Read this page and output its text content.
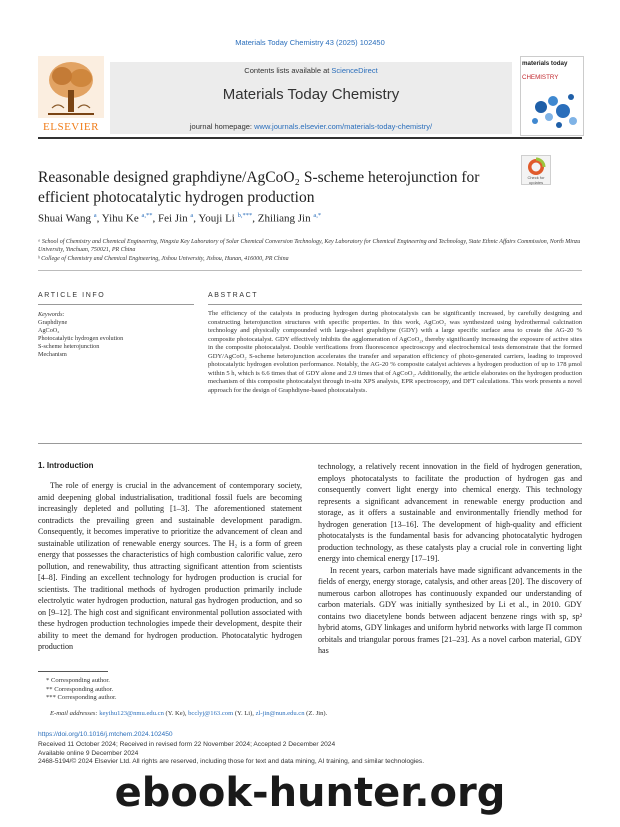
Materials Today Chemistry 43 (2025) 102450
Contents lists available at ScienceDirect
Materials Today Chemistry
journal homepage: www.journals.elsevier.com/materials-today-chemistry/
ELSEVIER
materials today
CHEMISTRY
Check for updates
Reasonable designed graphdiyne/AgCoO₂ S-scheme heterojunction for efficient photocatalytic hydrogen production
Shuai Wang $^a$, Yihu Ke $^{a,**}$, Fei Jin $^a$, Youji Li $^{b,***}$, Zhiliang Jin $^{a,*}$
ᵃ School of Chemistry and Chemical Engineering, Ningxia Key Laboratory of Solar Chemical Conversion Technology, Key Laboratory for Chemical Engineering and Technology, State Ethnic Affairs Commission, North Minzu University, Yinchuan, 750021, PR China
ᵇ College of Chemistry and Chemical Engineering, Jishou University, Jishou, Hunan, 416000, PR China
ARTICLE INFO	ABSTRACT
Keywords:
Graphdiyne
AgCoO₂
Photocatalytic hydrogen evolution
S-scheme heterojunction
Mechanism
The efficiency of the catalysts in producing hydrogen during photocatalysis can be significantly increased, by carefully designing and constructing heterojunction structures with specific properties. In this work, AgCoO₂ was synthesized using hydrothermal calcination technology and physically compounded with large-sheet graphdiyne (GDY) with a large specific surface area to create the AG-20 % composite photocatalyst. GDY effectively inhibits the agglomeration of AgCoO₂, thereby significantly increasing the exposure of active sites in the composite photocatalyst. Double verifications from fluorescence spectroscopy and electrochemical tests demonstrate that the formed GDY/AgCoO₂ S-scheme heterojunction accelerates the transfer and separation efficiency of photo-generated carriers, leading to improved photocatalytic hydrogen evolution performance. Notably, the AG-20 % composite catalyst achieves a hydrogen production of up to 178 μmol within 5 h, which is 6.6 times that of GDY alone and 2.9 times that of AgCoO₂. Additionally, the article elaborates on the hydrogen production mechanism of this composite photocatalyst through in-situ XPS analysis, EPR spectroscopy, and DFT calculations. This work presents a novel approach for the design of Graphdiyne-based photocatalysts.
1. Introduction

The role of energy is crucial in the advancement of contemporary society, amid deepening global industrialisation, traditional fossil fuels are becoming increasingly depleted and polluting [1–3]. The aforementioned statement contradicts the prevailing green and sustainable development paradigm. Consequently, it becomes imperative to prioritize the advancement of clean and sustainable utilization of renewable energy sources. The H₂ is a form of green energy that possesses the characteristics of high combustion calorific value, zero pollution, and renewability, thus attracting significant attention from scientists [4–8]. Finding an excellent technology for hydrogen production is crucial for scientists. The traditional methods of hydrogen production primarily include electrolytic water hydrogen production, natural gas hydrogen production, and so on [9–12]. The high cost and significant environmental pollution associated with these hydrogen production technologies impede their development, despite their ability to meet the demand for hydrogen production. Photocatalytic hydrogen production

technology, a relatively recent innovation in the field of hydrogen generation, employs photocatalysts to facilitate the production of hydrogen gas and consequently convert light energy into chemical energy. This technology represents a significant advancement in renewable energy production and storage, as it offers a sustainable and environmentally friendly method for hydrogen generation [13–16]. The development of high-quality and efficient photocatalysts is the fundamental basis for advancing photocatalytic hydrogen production technology, as these catalysts play a crucial role in converting light energy into chemical energy [17–19].

In recent years, carbon materials have made significant advancements in the fields of energy, energy storage, catalysis, and other areas [20]. The discovery of numerous carbon allotropes has continuously expanded our understanding of carbon materials. GDY was initially synthesized by Li et al., in 2010. GDY contains two diacetylene bonds between adjacent benzene rings with sp, sp² hybrid atoms, GDY linkages and uniform hybrid networks with large Π common orbitals and triangular porous frames [21–23]. As a novel carbon material, GDY has

* Corresponding author.
** Corresponding author.
*** Corresponding author.
E-mail addresses: keyihu123@nmu.edu.cn (Y. Ke), bcclyj@163.com (Y. Li), zl-jin@nun.edu.cn (Z. Jin).
https://doi.org/10.1016/j.mtchem.2024.102450
Received 11 October 2024; Received in revised form 22 November 2024; Accepted 2 December 2024
Available online 9 December 2024
2468-5194/© 2024 Elsevier Ltd. All rights are reserved, including those for text and data mining, AI training, and similar technologies.
ebook-hunter.org
